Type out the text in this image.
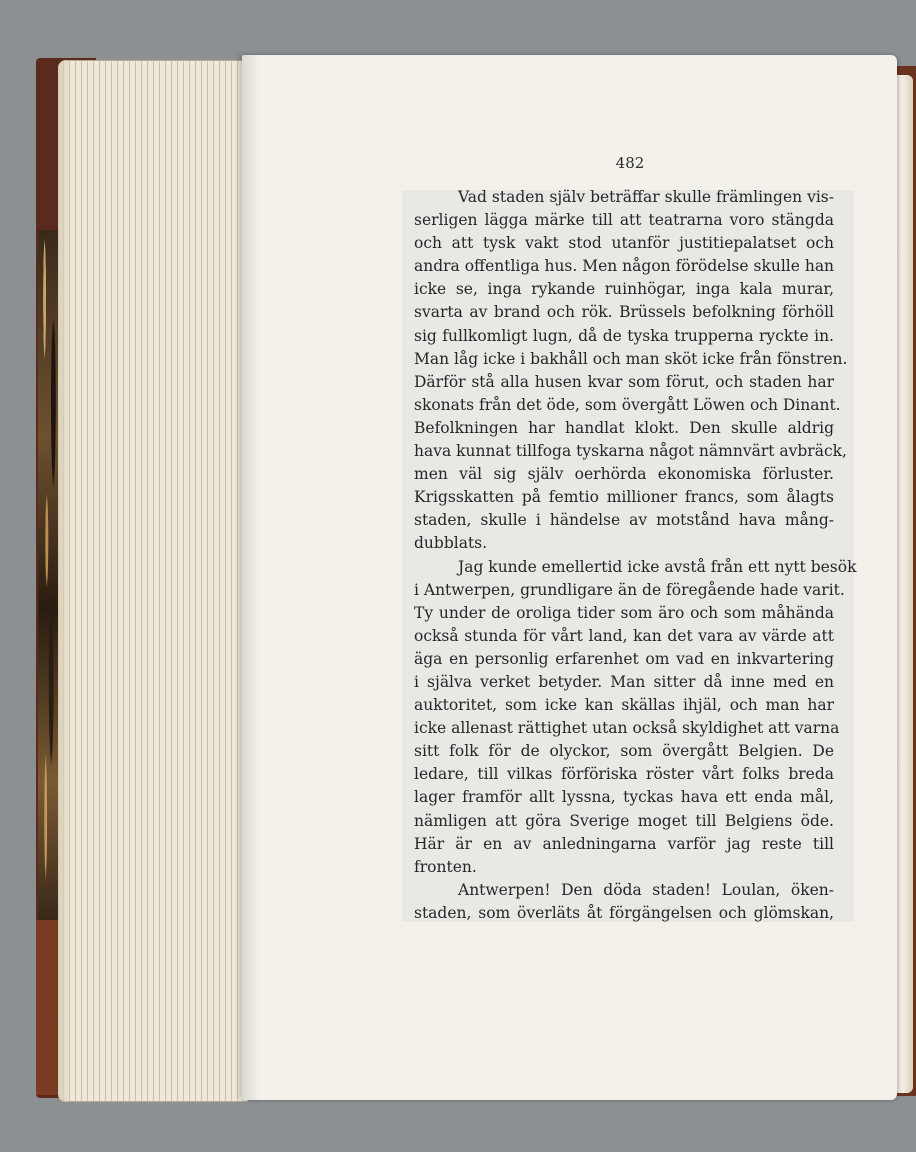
482
Vad staden själv beträffar skulle främlingen vis-
serligen lägga märke till att teatrarna voro stängda
och att tysk vakt stod utanför justitiepalatset och
andra offentliga hus. Men någon förödelse skulle han
icke se, inga rykande ruinhögar, inga kala murar,
svarta av brand och rök. Brüssels befolkning förhöll
sig fullkomligt lugn, då de tyska trupperna ryckte in.
Man låg icke i bakhåll och man sköt icke från fönstren.
Därför stå alla husen kvar som förut, och staden har
skonats från det öde, som övergått Löwen och Dinant.
Befolkningen har handlat klokt. Den skulle aldrig
hava kunnat tillfoga tyskarna något nämnvärt avbräck,
men väl sig själv oerhörda ekonomiska förluster.
Krigsskatten på femtio millioner francs, som ålagts
staden, skulle i händelse av motstånd hava mång-
dubblats.
Jag kunde emellertid icke avstå från ett nytt besök
i Antwerpen, grundligare än de föregående hade varit.
Ty under de oroliga tider som äro och som måhända
också stunda för vårt land, kan det vara av värde att
äga en personlig erfarenhet om vad en inkvartering
i själva verket betyder. Man sitter då inne med en
auktoritet, som icke kan skällas ihjäl, och man har
icke allenast rättighet utan också skyldighet att varna
sitt folk för de olyckor, som övergått Belgien. De
ledare, till vilkas förföriska röster vårt folks breda
lager framför allt lyssna, tyckas hava ett enda mål,
nämligen att göra Sverige moget till Belgiens öde.
Här är en av anledningarna varför jag reste till
fronten.
Antwerpen! Den döda staden! Loulan, öken-
staden, som överläts åt förgängelsen och glömskan,
